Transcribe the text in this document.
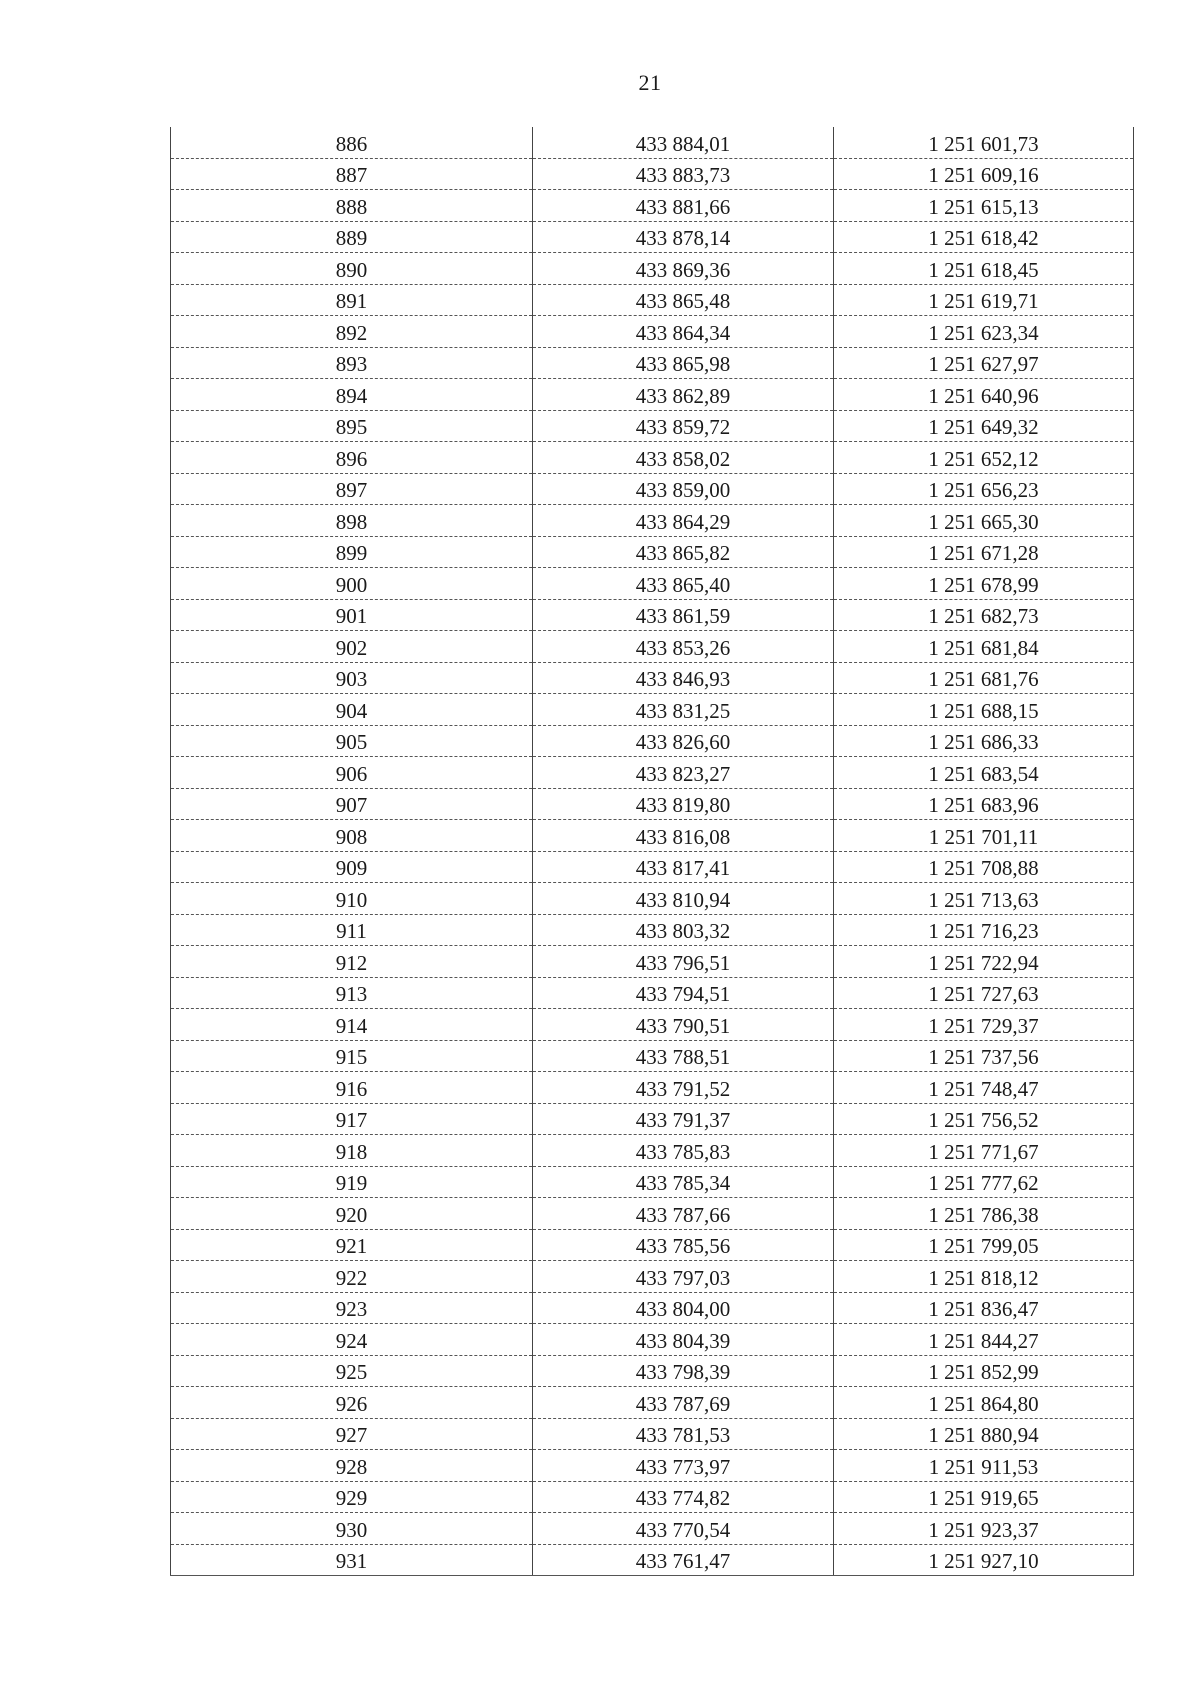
21
886	433 884,01	1 251 601,73
887	433 883,73	1 251 609,16
888	433 881,66	1 251 615,13
889	433 878,14	1 251 618,42
890	433 869,36	1 251 618,45
891	433 865,48	1 251 619,71
892	433 864,34	1 251 623,34
893	433 865,98	1 251 627,97
894	433 862,89	1 251 640,96
895	433 859,72	1 251 649,32
896	433 858,02	1 251 652,12
897	433 859,00	1 251 656,23
898	433 864,29	1 251 665,30
899	433 865,82	1 251 671,28
900	433 865,40	1 251 678,99
901	433 861,59	1 251 682,73
902	433 853,26	1 251 681,84
903	433 846,93	1 251 681,76
904	433 831,25	1 251 688,15
905	433 826,60	1 251 686,33
906	433 823,27	1 251 683,54
907	433 819,80	1 251 683,96
908	433 816,08	1 251 701,11
909	433 817,41	1 251 708,88
910	433 810,94	1 251 713,63
911	433 803,32	1 251 716,23
912	433 796,51	1 251 722,94
913	433 794,51	1 251 727,63
914	433 790,51	1 251 729,37
915	433 788,51	1 251 737,56
916	433 791,52	1 251 748,47
917	433 791,37	1 251 756,52
918	433 785,83	1 251 771,67
919	433 785,34	1 251 777,62
920	433 787,66	1 251 786,38
921	433 785,56	1 251 799,05
922	433 797,03	1 251 818,12
923	433 804,00	1 251 836,47
924	433 804,39	1 251 844,27
925	433 798,39	1 251 852,99
926	433 787,69	1 251 864,80
927	433 781,53	1 251 880,94
928	433 773,97	1 251 911,53
929	433 774,82	1 251 919,65
930	433 770,54	1 251 923,37
931	433 761,47	1 251 927,10
